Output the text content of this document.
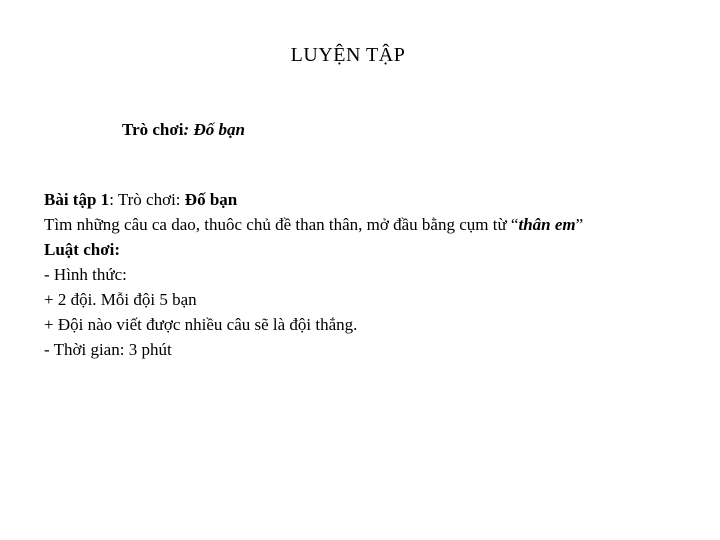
LUYỆN TẬP
Trò chơi: Đố bạn
Bài tập 1: Trò chơi: Đố bạn
Tìm những câu ca dao, thuôc chủ đề than thân, mở đầu bằng cụm từ “thân em”
Luật chơi:
- Hình thức:
+ 2 đội. Mỗi đội 5 bạn
+ Đội nào viết được nhiều câu sẽ là đội thắng.
- Thời gian: 3 phút
